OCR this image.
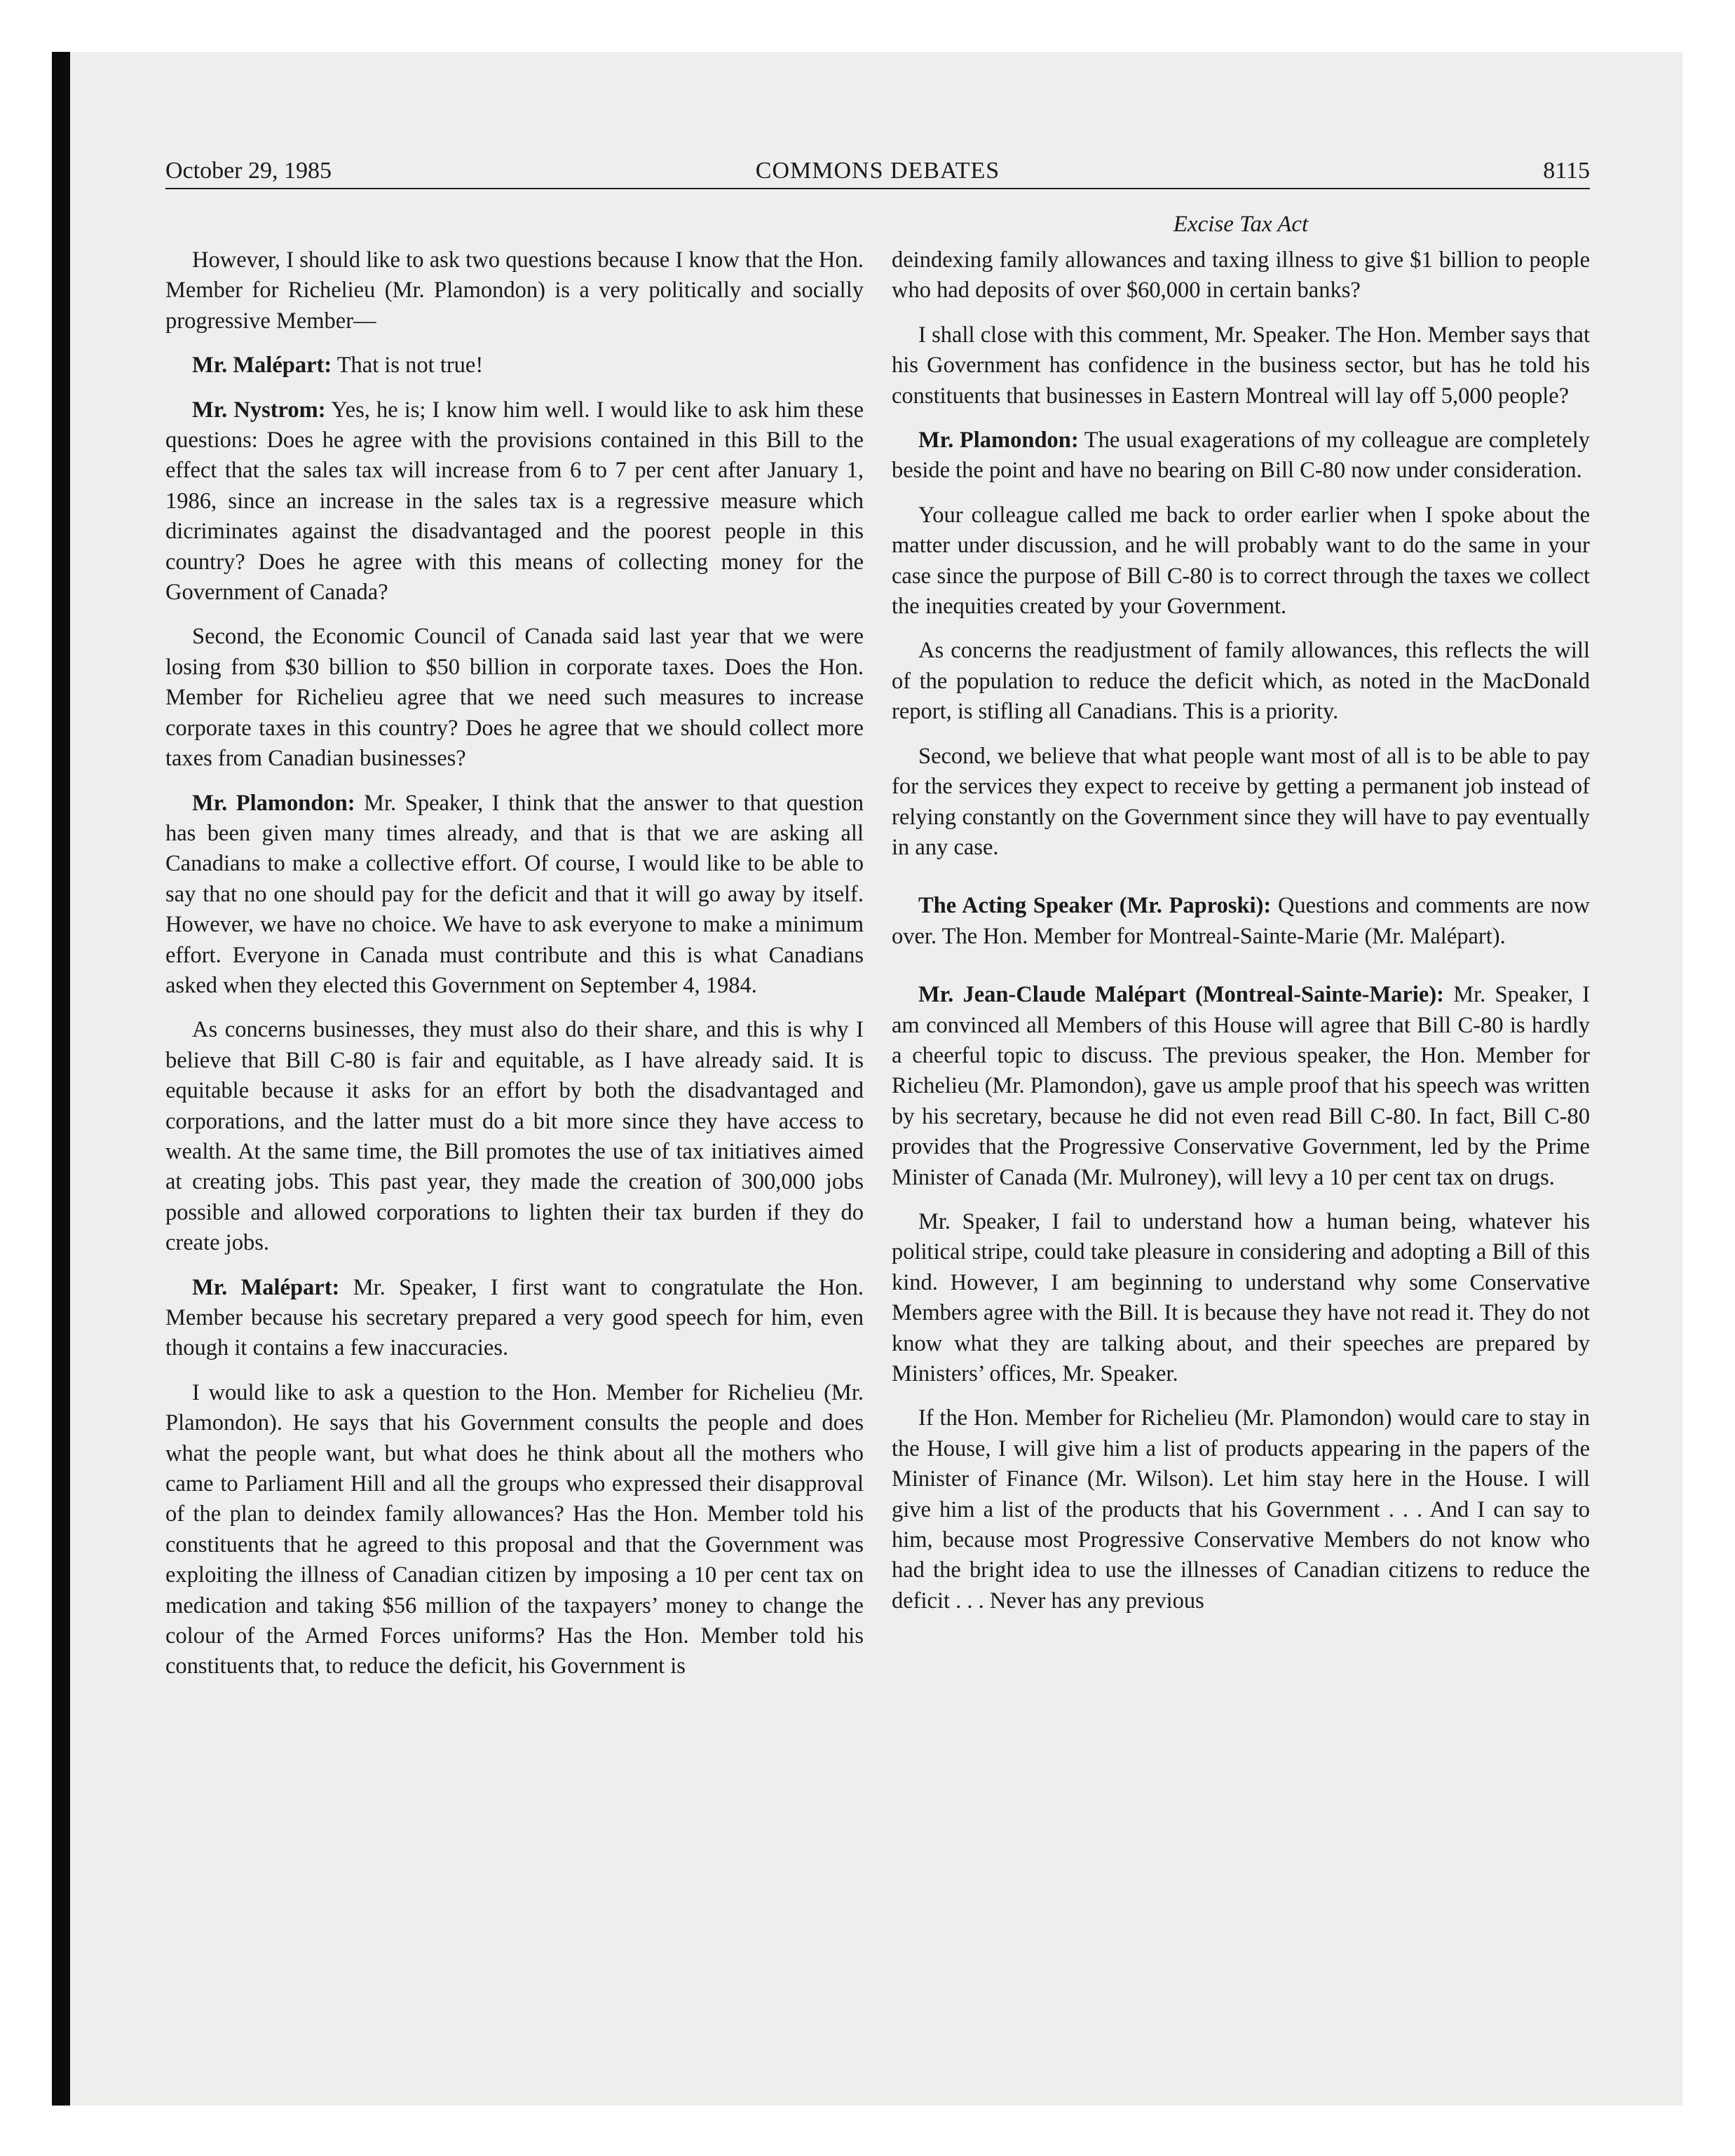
October 29, 1985	COMMONS DEBATES	8115
Excise Tax Act

However, I should like to ask two questions because I know that the Hon. Member for Richelieu (Mr. Plamondon) is a very politically and socially progressive Member—

Mr. Malépart: That is not true!

Mr. Nystrom: Yes, he is; I know him well. I would like to ask him these questions: Does he agree with the provisions contained in this Bill to the effect that the sales tax will increase from 6 to 7 per cent after January 1, 1986, since an increase in the sales tax is a regressive measure which dicriminates against the disadvantaged and the poorest people in this country? Does he agree with this means of collecting money for the Government of Canada?

Second, the Economic Council of Canada said last year that we were losing from $30 billion to $50 billion in corporate taxes. Does the Hon. Member for Richelieu agree that we need such measures to increase corporate taxes in this country? Does he agree that we should collect more taxes from Canadian businesses?

Mr. Plamondon: Mr. Speaker, I think that the answer to that question has been given many times already, and that is that we are asking all Canadians to make a collective effort. Of course, I would like to be able to say that no one should pay for the deficit and that it will go away by itself. However, we have no choice. We have to ask everyone to make a minimum effort. Everyone in Canada must contribute and this is what Canadians asked when they elected this Government on September 4, 1984.

As concerns businesses, they must also do their share, and this is why I believe that Bill C-80 is fair and equitable, as I have already said. It is equitable because it asks for an effort by both the disadvantaged and corporations, and the latter must do a bit more since they have access to wealth. At the same time, the Bill promotes the use of tax initiatives aimed at creating jobs. This past year, they made the creation of 300,000 jobs possible and allowed corporations to lighten their tax burden if they do create jobs.

Mr. Malépart: Mr. Speaker, I first want to congratulate the Hon. Member because his secretary prepared a very good speech for him, even though it contains a few inaccuracies.

I would like to ask a question to the Hon. Member for Richelieu (Mr. Plamondon). He says that his Government consults the people and does what the people want, but what does he think about all the mothers who came to Parliament Hill and all the groups who expressed their disapproval of the plan to deindex family allowances? Has the Hon. Member told his constituents that he agreed to this proposal and that the Government was exploiting the illness of Canadian citizen by imposing a 10 per cent tax on medication and taking $56 million of the taxpayers’ money to change the colour of the Armed Forces uniforms? Has the Hon. Member told his constituents that, to reduce the deficit, his Government is

deindexing family allowances and taxing illness to give $1 billion to people who had deposits of over $60,000 in certain banks?

I shall close with this comment, Mr. Speaker. The Hon. Member says that his Government has confidence in the business sector, but has he told his constituents that businesses in Eastern Montreal will lay off 5,000 people?

Mr. Plamondon: The usual exagerations of my colleague are completely beside the point and have no bearing on Bill C-80 now under consideration.

Your colleague called me back to order earlier when I spoke about the matter under discussion, and he will probably want to do the same in your case since the purpose of Bill C-80 is to correct through the taxes we collect the inequities created by your Government.

As concerns the readjustment of family allowances, this reflects the will of the population to reduce the deficit which, as noted in the MacDonald report, is stifling all Canadians. This is a priority.

Second, we believe that what people want most of all is to be able to pay for the services they expect to receive by getting a permanent job instead of relying constantly on the Government since they will have to pay eventually in any case.

The Acting Speaker (Mr. Paproski): Questions and comments are now over. The Hon. Member for Montreal-Sainte-Marie (Mr. Malépart).

Mr. Jean-Claude Malépart (Montreal-Sainte-Marie): Mr. Speaker, I am convinced all Members of this House will agree that Bill C-80 is hardly a cheerful topic to discuss. The previous speaker, the Hon. Member for Richelieu (Mr. Plamondon), gave us ample proof that his speech was written by his secretary, because he did not even read Bill C-80. In fact, Bill C-80 provides that the Progressive Conservative Government, led by the Prime Minister of Canada (Mr. Mulroney), will levy a 10 per cent tax on drugs.

Mr. Speaker, I fail to understand how a human being, whatever his political stripe, could take pleasure in considering and adopting a Bill of this kind. However, I am beginning to understand why some Conservative Members agree with the Bill. It is because they have not read it. They do not know what they are talking about, and their speeches are prepared by Ministers’ offices, Mr. Speaker.

If the Hon. Member for Richelieu (Mr. Plamondon) would care to stay in the House, I will give him a list of products appearing in the papers of the Minister of Finance (Mr. Wilson). Let him stay here in the House. I will give him a list of the products that his Government . . . And I can say to him, because most Progressive Conservative Members do not know who had the bright idea to use the illnesses of Canadian citizens to reduce the deficit . . . Never has any previous
